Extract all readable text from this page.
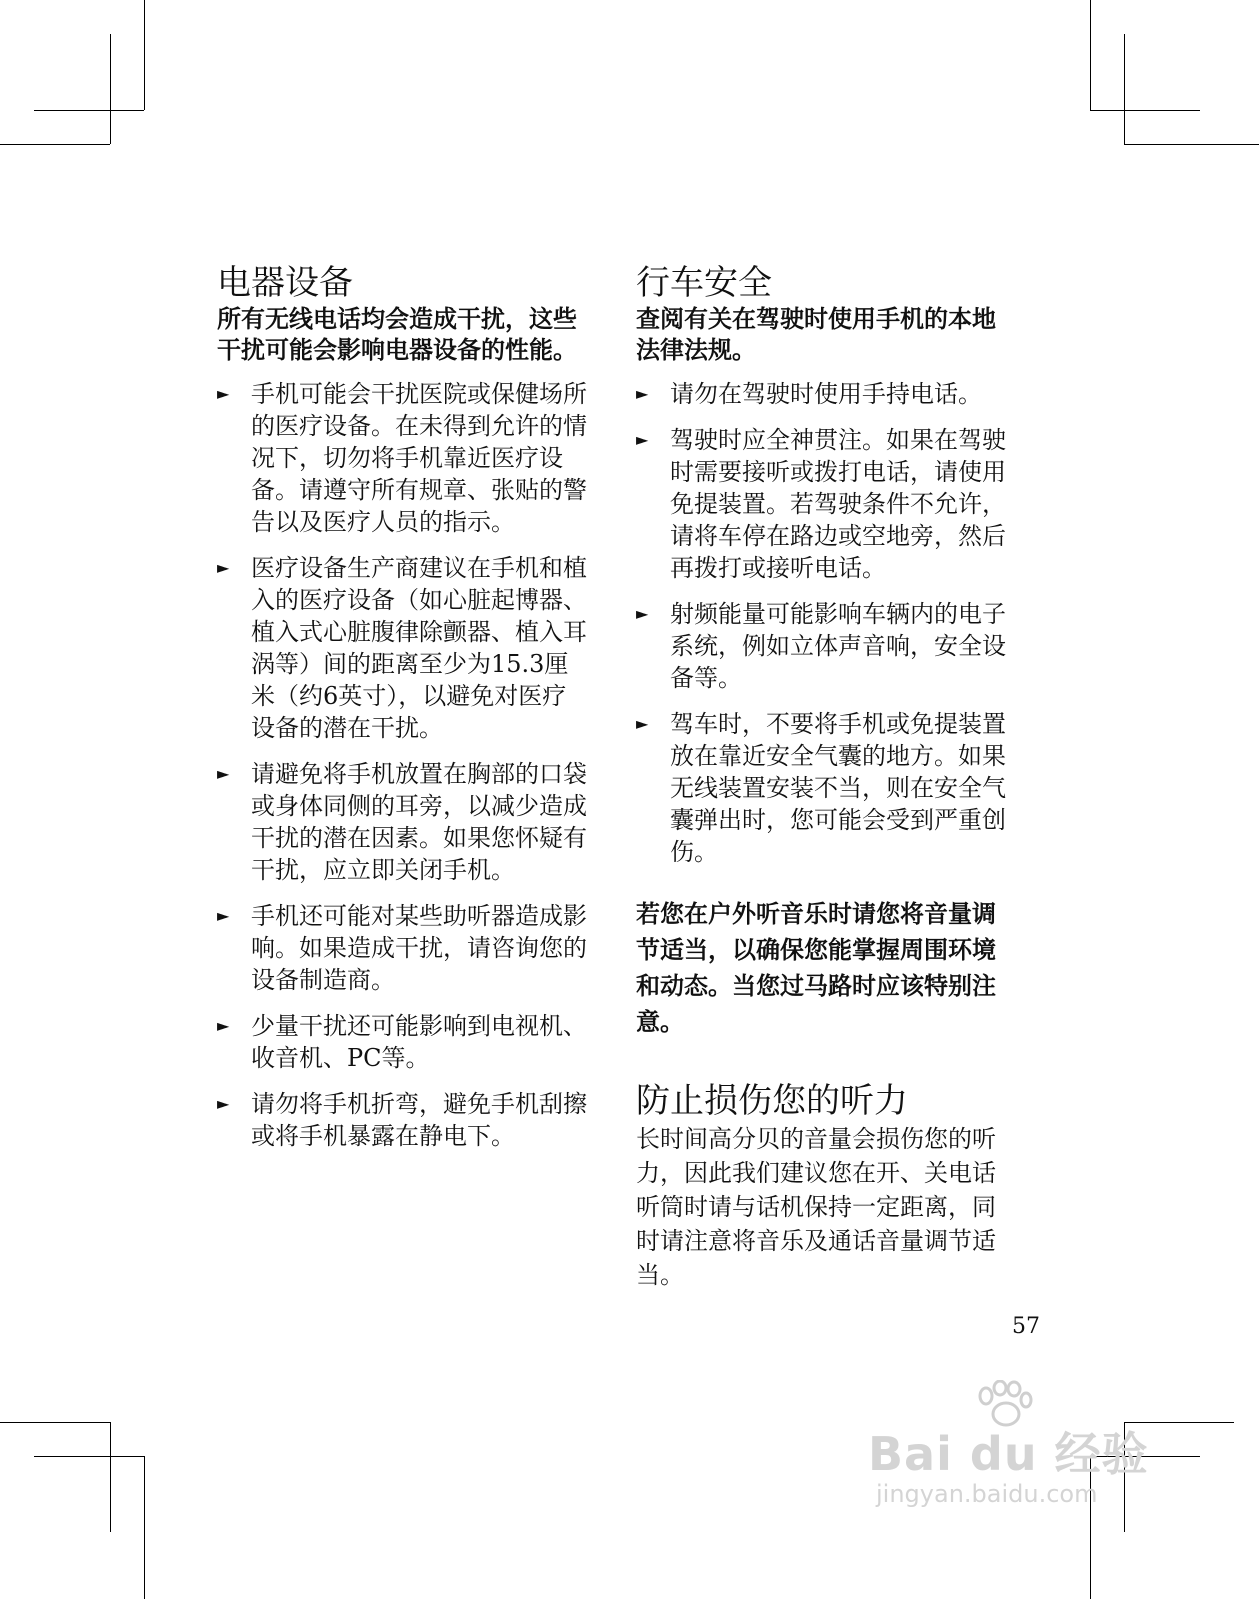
电器设备

所有无线电话均会造成干扰，这些干扰可能会影响电器设备的性能。

► 手机可能会干扰医院或保健场所的医疗设备。在未得到允许的情况下，切勿将手机靠近医疗设备。请遵守所有规章、张贴的警告以及医疗人员的指示。
► 医疗设备生产商建议在手机和植入的医疗设备（如心脏起博器、植入式心脏腹律除颤器、植入耳涡等）间的距离至少为15.3厘米（约6英寸），以避免对医疗设备的潜在干扰。
► 请避免将手机放置在胸部的口袋或身体同侧的耳旁，以减少造成干扰的潜在因素。如果您怀疑有干扰，应立即关闭手机。
► 手机还可能对某些助听器造成影响。如果造成干扰，请咨询您的设备制造商。
► 少量干扰还可能影响到电视机、收音机、PC等。
► 请勿将手机折弯，避免手机刮擦或将手机暴露在静电下。
行车安全

查阅有关在驾驶时使用手机的本地法律法规。

► 请勿在驾驶时使用手持电话。
► 驾驶时应全神贯注。如果在驾驶时需要接听或拨打电话，请使用免提装置。若驾驶条件不允许，请将车停在路边或空地旁，然后再拨打或接听电话。
► 射频能量可能影响车辆内的电子系统，例如立体声音响，安全设备等。
► 驾车时，不要将手机或免提装置放在靠近安全气囊的地方。如果无线装置安装不当，则在安全气囊弹出时，您可能会受到严重创伤。

若您在户外听音乐时请您将音量调节适当，以确保您能掌握周围环境和动态。当您过马路时应该特别注意。

防止损伤您的听力

长时间高分贝的音量会损伤您的听力，因此我们建议您在开、关电话听筒时请与话机保持一定距离，同时请注意将音乐及通话音量调节适当。

57
Bai du 经验
jingyan.baidu.com
